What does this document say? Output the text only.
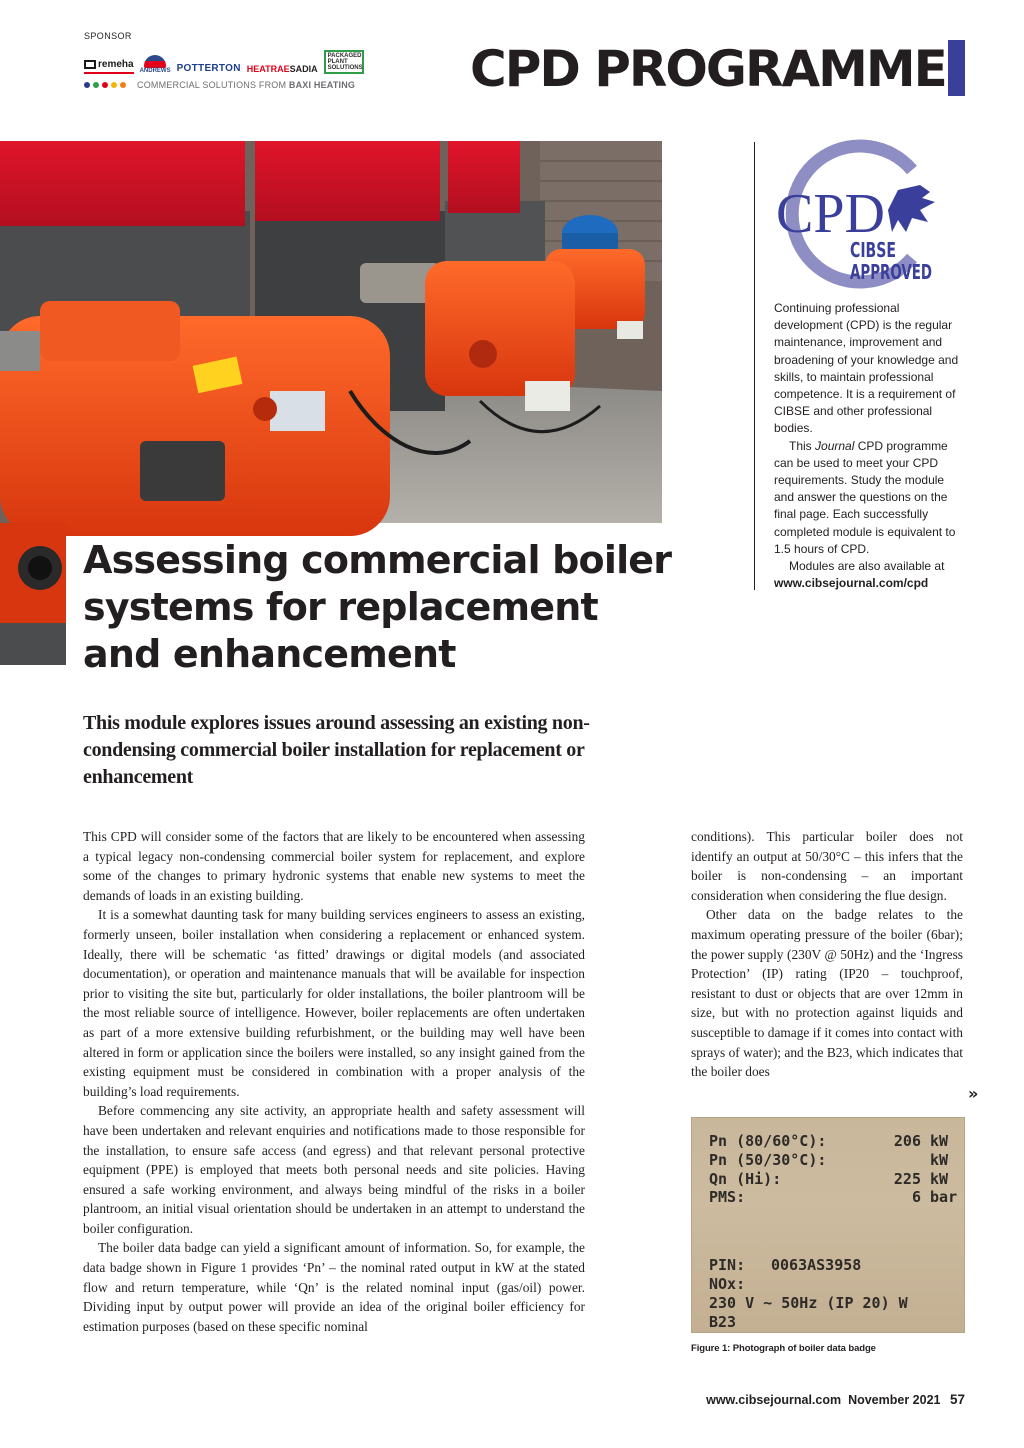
SPONSOR
remeha
ANDREWS POTTERTON HEATRAESADIA
PACKAGED PLANT SOLUTIONS
COMMERCIAL SOLUTIONS FROM BAXI HEATING CPD PROGRAMME
Assessing commercial boiler systems for replacement and enhancement

This module explores issues around assessing an existing non-condensing commercial boiler installation for replacement or enhancement

CPD
CIBSE
APPROVED

Continuing professional development (CPD) is the regular maintenance, improvement and broadening of your knowledge and skills, to maintain professional competence. It is a requirement of CIBSE and other professional bodies.

This Journal CPD programme can be used to meet your CPD requirements. Study the module and answer the questions on the final page. Each successfully completed module is equivalent to 1.5 hours of CPD.

Modules are also available at

www.cibsejournal.com/cpd

This CPD will consider some of the factors that are likely to be encountered when assessing a typical legacy non-condensing commercial boiler system for replacement, and explore some of the changes to primary hydronic systems that enable new systems to meet the demands of loads in an existing building.

It is a somewhat daunting task for many building services engineers to assess an existing, formerly unseen, boiler installation when considering a replacement or enhanced system. Ideally, there will be schematic ‘as fitted’ drawings or digital models (and associated documentation), or operation and maintenance manuals that will be available for inspection prior to visiting the site but, particularly for older installations, the boiler plantroom will be the most reliable source of intelligence. However, boiler replacements are often undertaken as part of a more extensive building refurbishment, or the building may well have been altered in form or application since the boilers were installed, so any insight gained from the existing equipment must be considered in combination with a proper analysis of the building’s load requirements.

Before commencing any site activity, an appropriate health and safety assessment will have been undertaken and relevant enquiries and notifications made to those responsible for the installation, to ensure safe access (and egress) and that relevant personal protective equipment (PPE) is employed that meets both personal needs and site policies. Having ensured a safe working environment, and always being mindful of the risks in a boiler plantroom, an initial visual orientation should be undertaken in an attempt to understand the boiler configuration.

The boiler data badge can yield a significant amount of information. So, for example, the data badge shown in Figure 1 provides ‘Pn’ – the nominal rated output in kW at the stated flow and return temperature, while ‘Qn’ is the related nominal input (gas/oil) power. Dividing input by output power will provide an idea of the original boiler efficiency for estimation purposes (based on these specific nominal

conditions). This particular boiler does not identify an output at 50/30°C – this infers that the boiler is non-condensing – an important consideration when considering the flue design.

Other data on the badge relates to the maximum operating pressure of the boiler (6bar); the power supply (230V @ 50Hz) and the ‘Ingress Protection’ (IP) rating (IP20 – touchproof, resistant to dust or objects that are over 12mm in size, but with no protection against liquids and susceptible to damage if it comes into contact with sprays of water); and the B23, which indicates that the boiler does

»
Pn (80/60°C):	206 kW
Pn (50/30°C):	kW
Qn (Hi):	225 kW
PMS:	6 bar
PIN: 0063AS3958
NOx:
230 V ~ 50Hz (IP 20) W
B23
Figure 1: Photograph of boiler data badge
www.cibsejournal.com November 2021 57
